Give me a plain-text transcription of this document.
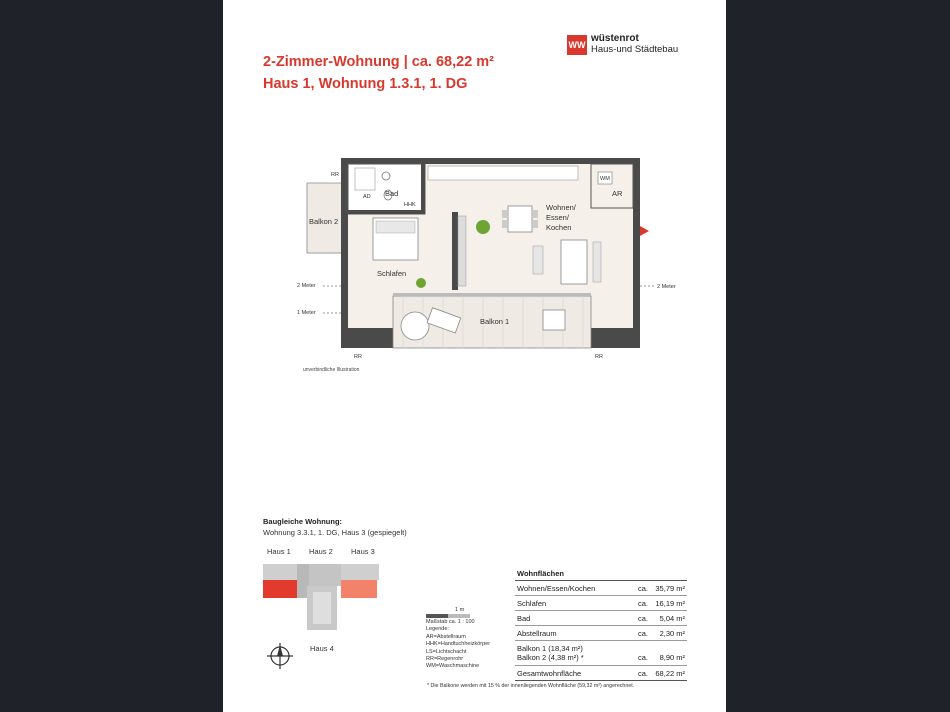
2-Zimmer-Wohnung | ca. 68,22 m²
Haus 1, Wohnung 1.3.1, 1. DG
WW
wüstenrot
Haus-und Städtebau
Bad
Wohnen/
Essen/
Kochen
Schlafen
AR
Balkon 1
Balkon 2
WM
HHK
AD
2 Meter
1 Meter
2 Meter
RR	RR
RR
unverbindliche Illustration
Baugleiche Wohnung:
Wohnung 3.3.1, 1. DG, Haus 3 (gespiegelt)
Haus 1 Haus 2 Haus 3
Haus 4
1 m
Maßstab ca. 1 : 100
Legende:
AR=Abstellraum
HHK=Handtuchheizkörper
LS=Lichtschacht
RR=Regenrohr
WM=Waschmaschine
Wohnflächen
Wohnen/Essen/Kochen	ca. 35,79 m²
Schlafen	ca. 16,19 m²
Bad	ca. 5,04 m²
Abstellraum	ca. 2,30 m²
Balkon 1 (18,34 m²)
Balkon 2 (4,38 m²) *	ca. 8,90 m²
Gesamtwohnfläche	ca. 68,22 m²
* Die Balkone werden mit 15 % der innenliegenden Wohnfläche (59,32 m²) angerechnet.
